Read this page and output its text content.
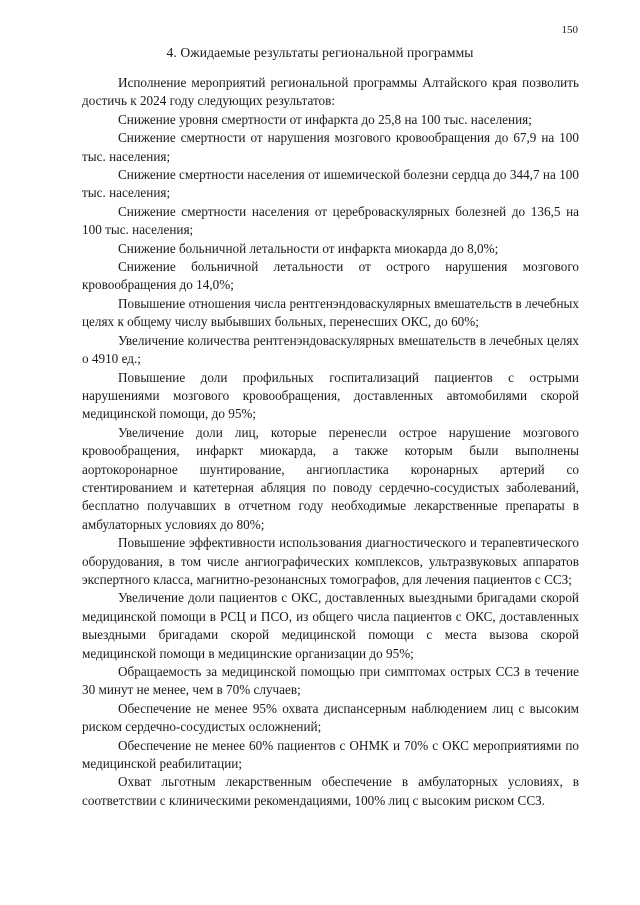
150
4. Ожидаемые результаты региональной программы

Исполнение мероприятий региональной программы Алтайского края позволить достичь к 2024 году следующих результатов:

Снижение уровня смертности от инфаркта до 25,8 на 100 тыс. населения;

Снижение смертности от нарушения мозгового кровообращения до 67,9 на 100 тыс. населения;

Снижение смертности населения от ишемической болезни сердца до 344,7 на 100 тыс. населения;

Снижение смертности населения от цереброваскулярных болезней до 136,5 на 100 тыс. населения;

Снижение больничной летальности от инфаркта миокарда до 8,0%;

Снижение больничной летальности от острого нарушения мозгового кровообращения до 14,0%;

Повышение отношения числа рентгенэндоваскулярных вмешательств в лечебных целях к общему числу выбывших больных, перенесших ОКС, до 60%;

Увеличение количества рентгенэндоваскулярных вмешательств в лечебных целях о 4910 ед.;

Повышение доли профильных госпитализаций пациентов с острыми нарушениями мозгового кровообращения, доставленных автомобилями скорой медицинской помощи, до 95%;

Увеличение доли лиц, которые перенесли острое нарушение мозгового кровообращения, инфаркт миокарда, а также которым были выполнены аортокоронарное шунтирование, ангиопластика коронарных артерий со стентированием и катетерная абляция по поводу сердечно-сосудистых заболеваний, бесплатно получавших в отчетном году необходимые лекарственные препараты в амбулаторных условиях до 80%;

Повышение эффективности использования диагностического и терапевтического оборудования, в том числе ангиографических комплексов, ультразвуковых аппаратов экспертного класса, магнитно-резонансных томографов, для лечения пациентов с ССЗ;

Увеличение доли пациентов с ОКС, доставленных выездными бригадами скорой медицинской помощи в РСЦ и ПСО, из общего числа пациентов с ОКС, доставленных выездными бригадами скорой медицинской помощи с места вызова скорой медицинской помощи в медицинские организации до 95%;

Обращаемость за медицинской помощью при симптомах острых ССЗ в течение 30 минут не менее, чем в 70% случаев;

Обеспечение не менее 95% охвата диспансерным наблюдением лиц с высоким риском сердечно-сосудистых осложнений;

Обеспечение не менее 60% пациентов с ОНМК и 70% с ОКС мероприятиями по медицинской реабилитации;

Охват льготным лекарственным обеспечение в амбулаторных условиях, в соответствии с клиническими рекомендациями, 100% лиц с высоким риском ССЗ.
